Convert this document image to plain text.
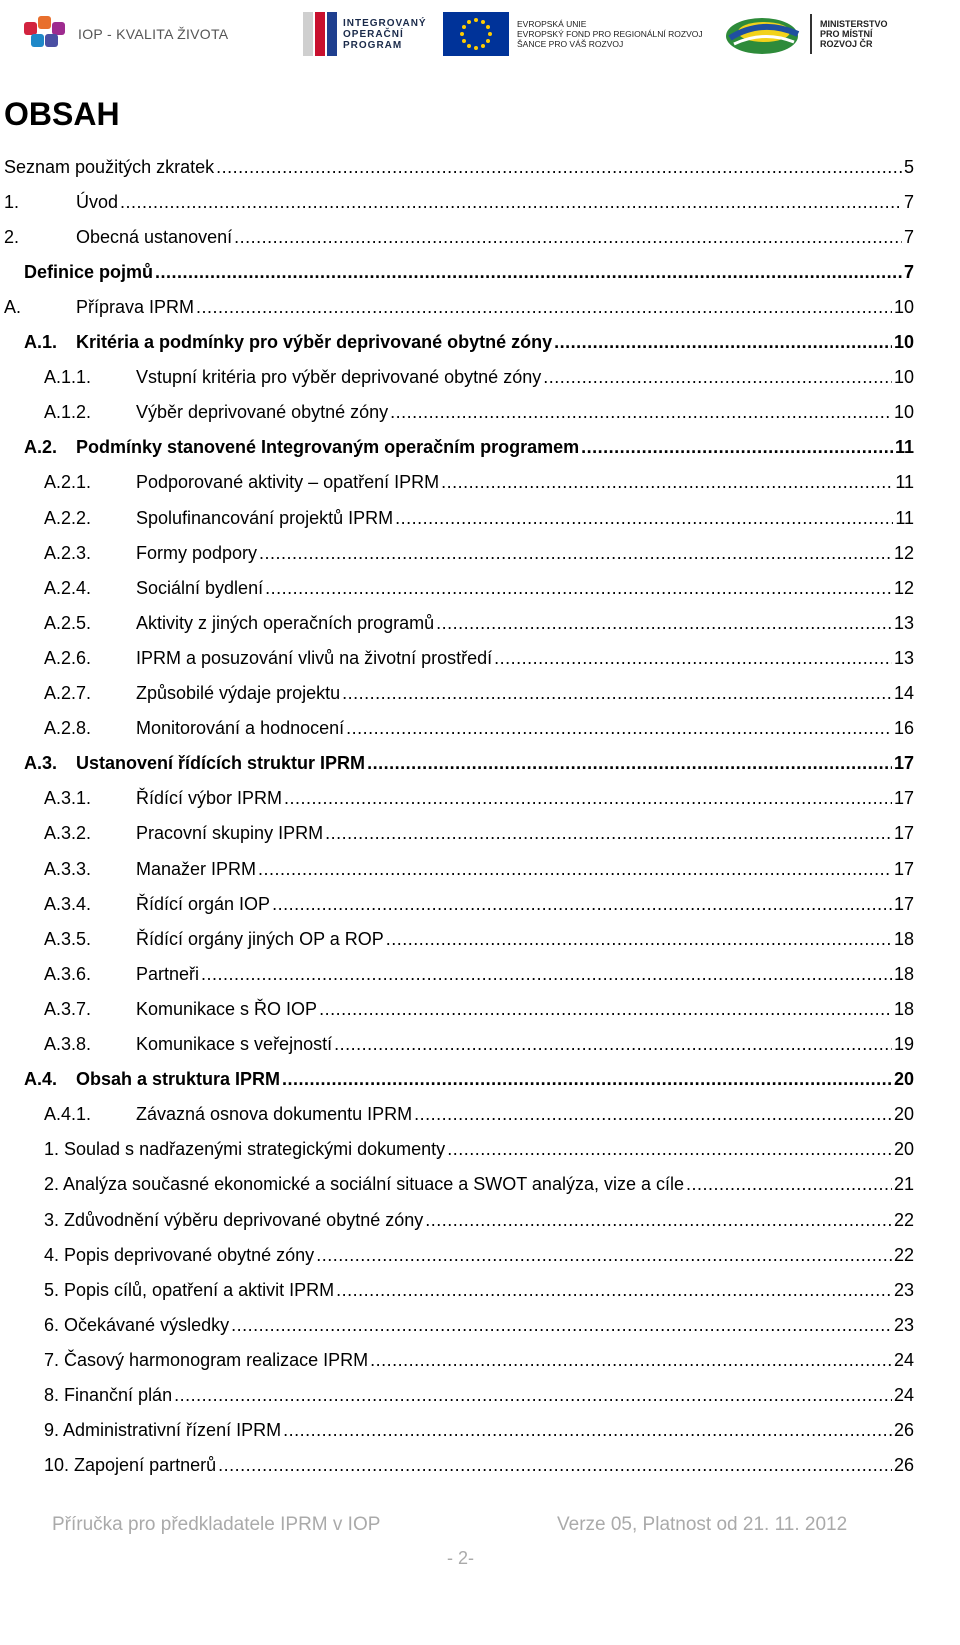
IOP - KVALITA ŽIVOTA
INTEGROVANÝ
OPERAČNÍ
PROGRAM
EVROPSKÁ UNIE
EVROPSKÝ FOND PRO REGIONÁLNÍ ROZVOJ
ŠANCE PRO VÁŠ ROZVOJ
MINISTERSTVO
PRO MÍSTNÍ
ROZVOJ ČR
OBSAH
Seznam použitých zkratek .....	5
1.	Úvod .....	7
2.	Obecná ustanovení .....	7
Definice pojmů .....	7
A.	Příprava IPRM .....	10
A.1.	Kritéria a podmínky pro výběr deprivované obytné zóny .....	10
A.1.1.	Vstupní kritéria pro výběr deprivované obytné zóny .....	10
A.1.2.	Výběr deprivované obytné zóny .....	10
A.2.	Podmínky stanovené Integrovaným operačním programem .....	11
A.2.1.	Podporované aktivity – opatření IPRM .....	11
A.2.2.	Spolufinancování projektů IPRM .....	11
A.2.3.	Formy podpory .....	12
A.2.4.	Sociální bydlení .....	12
A.2.5.	Aktivity z jiných operačních programů .....	13
A.2.6.	IPRM a posuzování vlivů na životní prostředí .....	13
A.2.7.	Způsobilé výdaje projektu .....	14
A.2.8.	Monitorování a hodnocení .....	16
A.3.	Ustanovení řídících struktur IPRM .....	17
A.3.1.	Řídící výbor IPRM .....	17
A.3.2.	Pracovní skupiny IPRM .....	17
A.3.3.	Manažer IPRM .....	17
A.3.4.	Řídící orgán IOP .....	17
A.3.5.	Řídící orgány jiných OP a ROP .....	18
A.3.6.	Partneři .....	18
A.3.7.	Komunikace s ŘO IOP .....	18
A.3.8.	Komunikace s veřejností .....	19
A.4.	Obsah a struktura IPRM .....	20
A.4.1.	Závazná osnova dokumentu IPRM .....	20
1. Soulad s nadřazenými strategickými dokumenty .....	20
2. Analýza současné ekonomické a sociální situace a SWOT analýza, vize a cíle .....	21
3. Zdůvodnění výběru deprivované obytné zóny .....	22
4. Popis deprivované obytné zóny .....	22
5. Popis cílů, opatření a aktivit IPRM .....	23
6. Očekávané výsledky .....	23
7. Časový harmonogram realizace IPRM .....	24
8. Finanční plán .....	24
9. Administrativní řízení IPRM .....	26
10. Zapojení partnerů .....	26
Příručka pro předkladatele IPRM v IOP	Verze 05, Platnost od 21. 11. 2012
- 2-
